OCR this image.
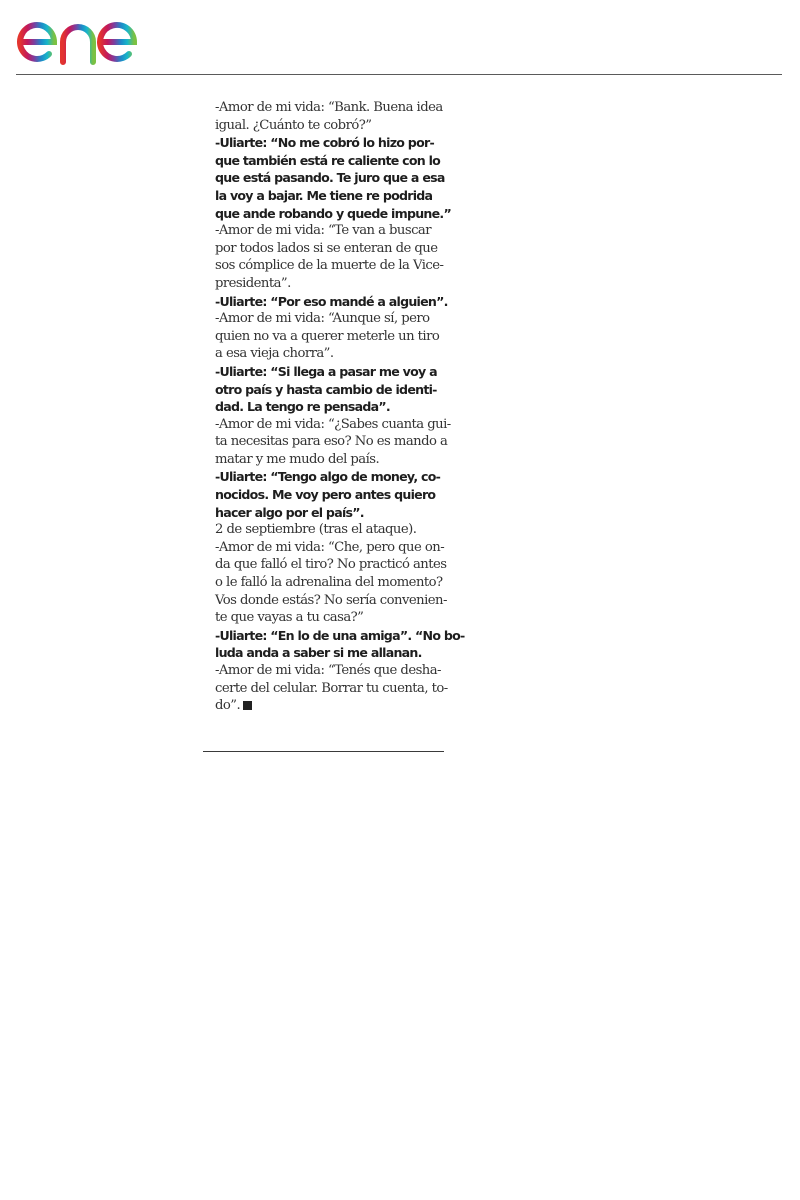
-Amor de mi vida: “Bank. Buena idea
igual. ¿Cuánto te cobró?”
-Uliarte: “No me cobró lo hizo por-
que también está re caliente con lo
que está pasando. Te juro que a esa
la voy a bajar. Me tiene re podrida
que ande robando y quede impune.”
-Amor de mi vida: “Te van a buscar
por todos lados si se enteran de que
sos cómplice de la muerte de la Vice-
presidenta”.
-Uliarte: “Por eso mandé a alguien”.
-Amor de mi vida: “Aunque sí, pero
quien no va a querer meterle un tiro
a esa vieja chorra”.
-Uliarte: “Si llega a pasar me voy a
otro país y hasta cambio de identi-
dad. La tengo re pensada”.
-Amor de mi vida: “¿Sabes cuanta gui-
ta necesitas para eso? No es mando a
matar y me mudo del país.
-Uliarte: “Tengo algo de money, co-
nocidos. Me voy pero antes quiero
hacer algo por el país”.
2 de septiembre (tras el ataque).
-Amor de mi vida: “Che, pero que on-
da que falló el tiro? No practicó antes
o le falló la adrenalina del momento?
Vos donde estás? No sería convenien-
te que vayas a tu casa?”
-Uliarte: “En lo de una amiga”. “No bo-
luda anda a saber si me allanan.
-Amor de mi vida: “Tenés que desha-
certe del celular. Borrar tu cuenta, to-
do”.
